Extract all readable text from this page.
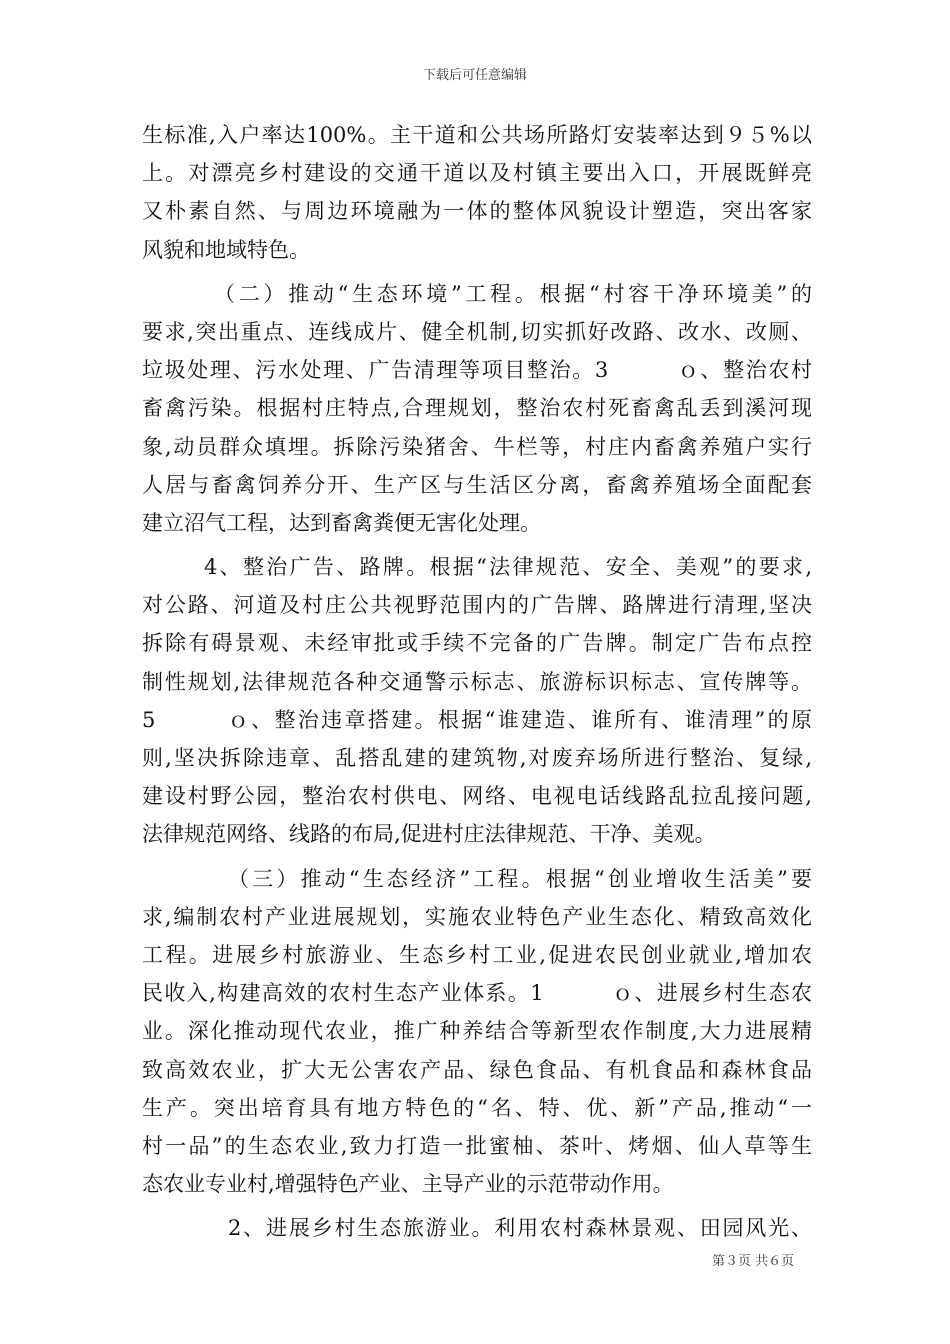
下载后可任意编辑
生标准,入户率达100%。主干道和公共场所路灯安装率达到９５%以
上。对漂亮乡村建设的交通干道以及村镇主要出入口，开展既鲜亮
又朴素自然、与周边环境融为一体的整体风貌设计塑造，突出客家
风貌和地域特色。
（二）推动“生态环境”工程。根据“村容干净环境美”的
要求,突出重点、连线成片、健全机制,切实抓好改路、改水、改厕、
垃圾处理、污水处理、广告清理等项目整治。3　　　ｏ、整治农村
畜禽污染。根据村庄特点,合理规划，整治农村死畜禽乱丢到溪河现
象,动员群众填埋。拆除污染猪舍、牛栏等，村庄内畜禽养殖户实行
人居与畜禽饲养分开、生产区与生活区分离，畜禽养殖场全面配套
建立沼气工程，达到畜禽粪便无害化处理。
4、整治广告、路牌。根据“法律规范、安全、美观”的要求,
对公路、河道及村庄公共视野范围内的广告牌、路牌进行清理,坚决
拆除有碍景观、未经审批或手续不完备的广告牌。制定广告布点控
制性规划,法律规范各种交通警示标志、旅游标识标志、宣传牌等。
5　　　ｏ、整治违章搭建。根据“谁建造、谁所有、谁清理”的原
则,坚决拆除违章、乱搭乱建的建筑物,对废弃场所进行整治、复绿,
建设村野公园，整治农村供电、网络、电视电话线路乱拉乱接问题,
法律规范网络、线路的布局,促进村庄法律规范、干净、美观。
（三）推动“生态经济”工程。根据“创业增收生活美”要
求,编制农村产业进展规划，实施农业特色产业生态化、精致高效化
工程。进展乡村旅游业、生态乡村工业,促进农民创业就业,增加农
民收入,构建高效的农村生态产业体系。1　　　ｏ、进展乡村生态农
业。深化推动现代农业，推广种养结合等新型农作制度,大力进展精
致高效农业，扩大无公害农产品、绿色食品、有机食品和森林食品
生产。突出培育具有地方特色的“名、特、优、新”产品,推动“一
村一品”的生态农业,致力打造一批蜜柚、茶叶、烤烟、仙人草等生
态农业专业村,增强特色产业、主导产业的示范带动作用。
2、进展乡村生态旅游业。利用农村森林景观、田园风光、
第３页 共６页
